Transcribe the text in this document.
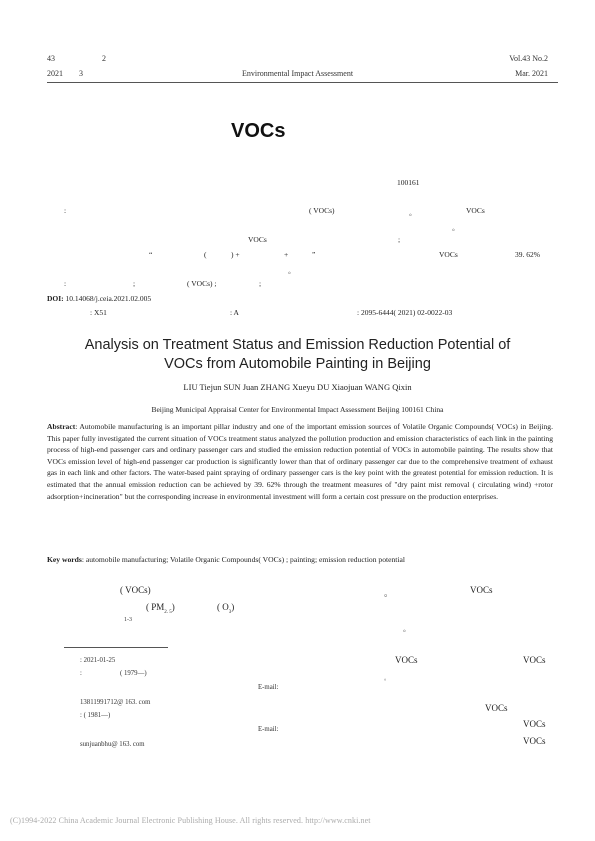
43	2
2021 3	Environmental Impact Assessment
Vol.43 No.2
Mar. 2021
VOCs
100161
:	( VOCs)	。	VOCs
。
VOCs	;
“	(	) +	+	”	VOCs	39. 62%
。
:	;	( VOCs) ;	;
DOI: 10.14068/j.ceia.2021.02.005
: X51	: A	: 2095-6444( 2021) 02-0022-03
Analysis on Treatment Status and Emission Reduction Potential of
VOCs from Automobile Painting in Beijing
LIU Tiejun SUN Juan ZHANG Xueyu DU Xiaojuan WANG Qixin
Beijing Municipal Appraisal Center for Environmental Impact Assessment Beijing 100161 China
Abstract: Automobile manufacturing is an important pillar industry and one of the important emission sources of Volatile Organic Compounds( VOCs) in Beijing. This paper fully investigated the current situation of VOCs treatment status analyzed the pollution production and emission characteristics of each link in the painting process of high-end passenger cars and ordinary passenger cars and studied the emission reduction potential of VOCs in automobile painting. The results show that VOCs emission level of high-end passenger car production is significantly lower than that of ordinary passenger car due to the comprehensive treatment of exhaust gas in each link and other factors. The water-based paint spraying of ordinary passenger cars is the key point with the greatest potential for emission reduction. It is estimated that the annual emission reduction can be achieved by 39. 62% through the treatment measures of "dry paint mist removal ( circulating wind) +rotor adsorption+incineration" but the corresponding increase in environmental investment will form a certain cost pressure on the production enterprises.
Key words: automobile manufacturing; Volatile Organic Compounds( VOCs) ; painting; emission reduction potential
( VOCs)	。	VOCs
( $PM_{2. 5}$)	( $O_3$)
1-3
。
: 2021-01-25
:	( 1979—)
E-mail:
13811991712@ 163. com
: ( 1981—)
E-mail:
sunjuanbhu@ 163. com
VOCs	VOCs
。
VOCs
VOCs
VOCs
(C)1994-2022 China Academic Journal Electronic Publishing House. All rights reserved. http://www.cnki.net
